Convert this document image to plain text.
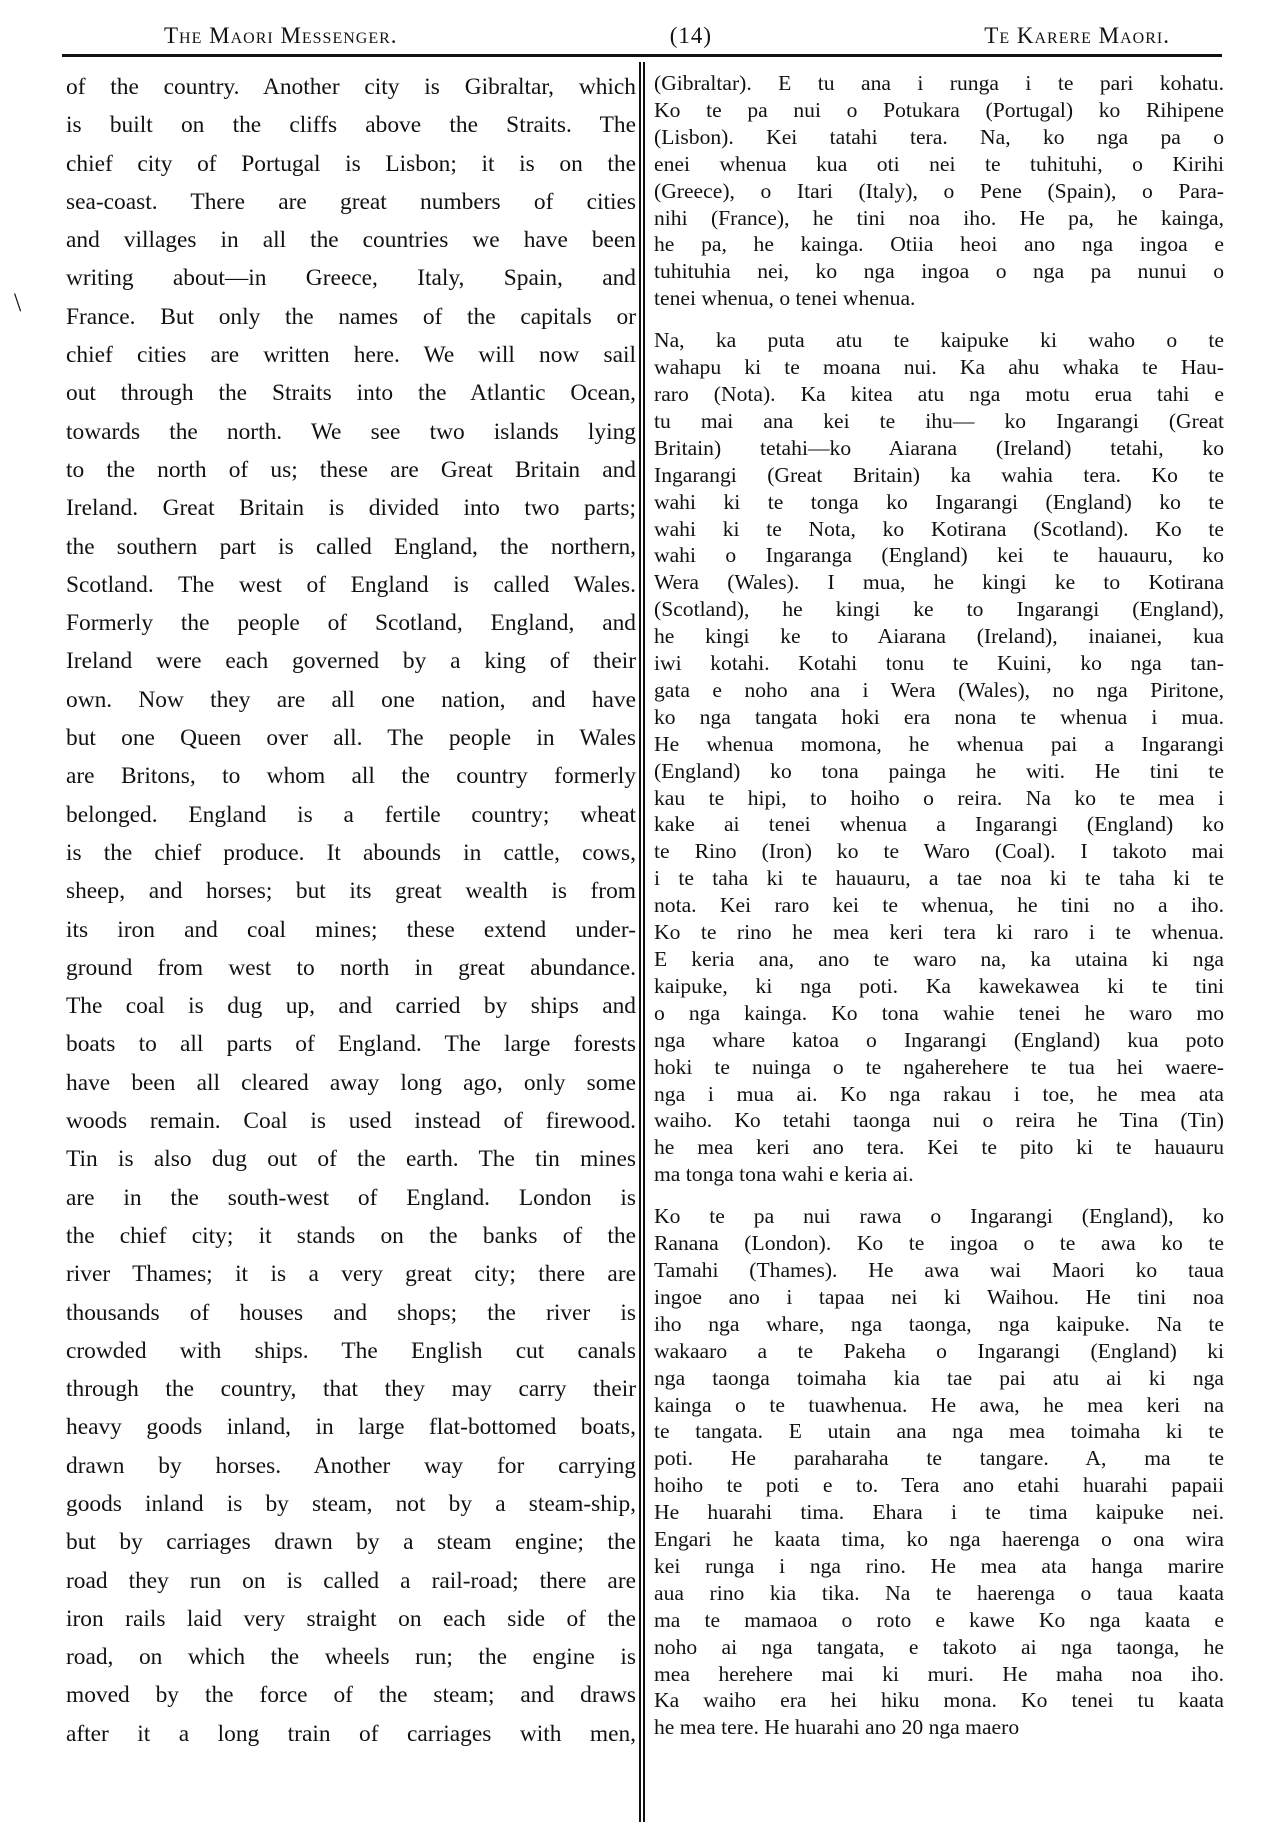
The Maori Messenger.	(14)	Te Karere Maori.
\
of the country. Another city is Gibraltar, which
is built on the cliffs above the Straits. The
chief city of Portugal is Lisbon; it is on the
sea-coast. There are great numbers of cities
and villages in all the countries we have been
writing about—in Greece, Italy, Spain, and
France. But only the names of the capitals or
chief cities are written here. We will now sail
out through the Straits into the Atlantic Ocean,
towards the north. We see two islands lying
to the north of us; these are Great Britain and
Ireland. Great Britain is divided into two parts;
the southern part is called England, the northern,
Scotland. The west of England is called Wales.
Formerly the people of Scotland, England, and
Ireland were each governed by a king of their
own. Now they are all one nation, and have
but one Queen over all. The people in Wales
are Britons, to whom all the country formerly
belonged. England is a fertile country; wheat
is the chief produce. It abounds in cattle, cows,
sheep, and horses; but its great wealth is from
its iron and coal mines; these extend under-
ground from west to north in great abundance.
The coal is dug up, and carried by ships and
boats to all parts of England. The large forests
have been all cleared away long ago, only some
woods remain. Coal is used instead of firewood.
Tin is also dug out of the earth. The tin mines
are in the south-west of England. London is
the chief city; it stands on the banks of the
river Thames; it is a very great city; there are
thousands of houses and shops; the river is
crowded with ships. The English cut canals
through the country, that they may carry their
heavy goods inland, in large flat-bottomed boats,
drawn by horses. Another way for carrying
goods inland is by steam, not by a steam-ship,
but by carriages drawn by a steam engine; the
road they run on is called a rail-road; there are
iron rails laid very straight on each side of the
road, on which the wheels run; the engine is
moved by the force of the steam; and draws
after it a long train of carriages with men,
(Gibraltar). E tu ana i runga i te pari kohatu.
Ko te pa nui o Potukara (Portugal) ko Rihipene
(Lisbon). Kei tatahi tera. Na, ko nga pa o
enei whenua kua oti nei te tuhituhi, o Kirihi
(Greece), o Itari (Italy), o Pene (Spain), o Para-
nihi (France), he tini noa iho. He pa, he kainga,
he pa, he kainga. Otiia heoi ano nga ingoa e
tuhituhia nei, ko nga ingoa o nga pa nunui o
tenei whenua, o tenei whenua.
Na, ka puta atu te kaipuke ki waho o te
wahapu ki te moana nui. Ka ahu whaka te Hau-
raro (Nota). Ka kitea atu nga motu erua tahi e
tu mai ana kei te ihu— ko Ingarangi (Great
Britain) tetahi—ko Aiarana (Ireland) tetahi, ko
Ingarangi (Great Britain) ka wahia tera. Ko te
wahi ki te tonga ko Ingarangi (England) ko te
wahi ki te Nota, ko Kotirana (Scotland). Ko te
wahi o Ingaranga (England) kei te hauauru, ko
Wera (Wales). I mua, he kingi ke to Kotirana
(Scotland), he kingi ke to Ingarangi (England),
he kingi ke to Aiarana (Ireland), inaianei, kua
iwi kotahi. Kotahi tonu te Kuini, ko nga tan-
gata e noho ana i Wera (Wales), no nga Piritone,
ko nga tangata hoki era nona te whenua i mua.
He whenua momona, he whenua pai a Ingarangi
(England) ko tona painga he witi. He tini te
kau te hipi, to hoiho o reira. Na ko te mea i
kake ai tenei whenua a Ingarangi (England) ko
te Rino (Iron) ko te Waro (Coal). I takoto mai
i te taha ki te hauauru, a tae noa ki te taha ki te
nota. Kei raro kei te whenua, he tini no a iho.
Ko te rino he mea keri tera ki raro i te whenua.
E keria ana, ano te waro na, ka utaina ki nga
kaipuke, ki nga poti. Ka kawekawea ki te tini
o nga kainga. Ko tona wahie tenei he waro mo
nga whare katoa o Ingarangi (England) kua poto
hoki te nuinga o te ngaherehere te tua hei waere-
nga i mua ai. Ko nga rakau i toe, he mea ata
waiho. Ko tetahi taonga nui o reira he Tina (Tin)
he mea keri ano tera. Kei te pito ki te hauauru
ma tonga tona wahi e keria ai.
Ko te pa nui rawa o Ingarangi (England), ko
Ranana (London). Ko te ingoa o te awa ko te
Tamahi (Thames). He awa wai Maori ko taua
ingoe ano i tapaa nei ki Waihou. He tini noa
iho nga whare, nga taonga, nga kaipuke. Na te
wakaaro a te Pakeha o Ingarangi (England) ki
nga taonga toimaha kia tae pai atu ai ki nga
kainga o te tuawhenua. He awa, he mea keri na
te tangata. E utain ana nga mea toimaha ki te
poti. He paraharaha te tangare. A, ma te
hoiho te poti e to. Tera ano etahi huarahi papaii
He huarahi tima. Ehara i te tima kaipuke nei.
Engari he kaata tima, ko nga haerenga o ona wira
kei runga i nga rino. He mea ata hanga marire
aua rino kia tika. Na te haerenga o taua kaata
ma te mamaoa o roto e kawe Ko nga kaata e
noho ai nga tangata, e takoto ai nga taonga, he
mea herehere mai ki muri. He maha noa iho.
Ka waiho era hei hiku mona. Ko tenei tu kaata
he mea tere. He huarahi ano 20 nga maero
